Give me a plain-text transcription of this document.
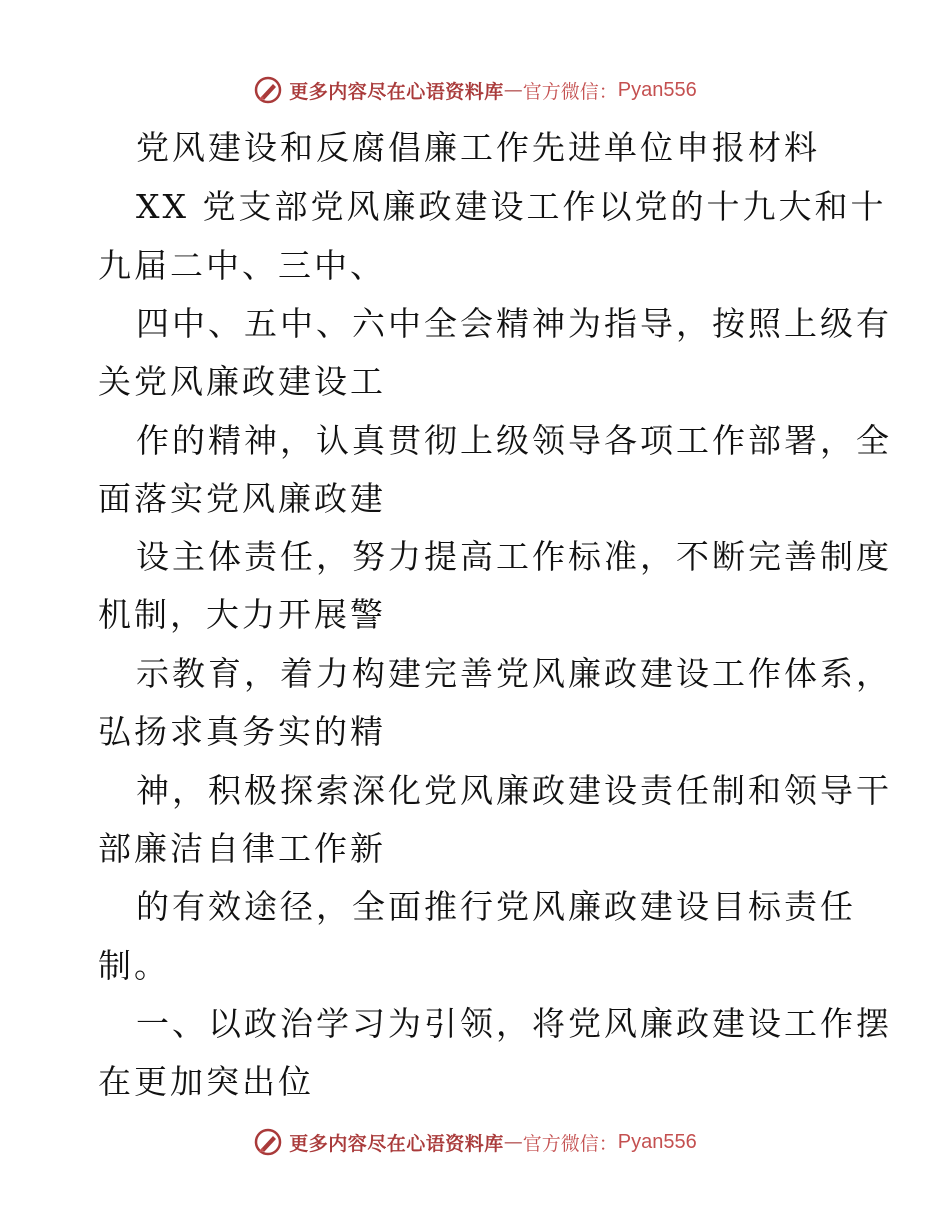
更多内容尽在心语资料库 — 官方微信： Pyan556
党风建设和反腐倡廉工作先进单位申报材料
XX 党支部党风廉政建设工作以党的十九大和十
九届二中、三中、
四中、五中、六中全会精神为指导，按照上级有
关党风廉政建设工
作的精神，认真贯彻上级领导各项工作部署，全
面落实党风廉政建
设主体责任，努力提高工作标准，不断完善制度
机制，大力开展警
示教育，着力构建完善党风廉政建设工作体系，
弘扬求真务实的精
神，积极探索深化党风廉政建设责任制和领导干
部廉洁自律工作新
的有效途径，全面推行党风廉政建设目标责任
制。
一、以政治学习为引领，将党风廉政建设工作摆
在更加突出位
更多内容尽在心语资料库 — 官方微信： Pyan556
